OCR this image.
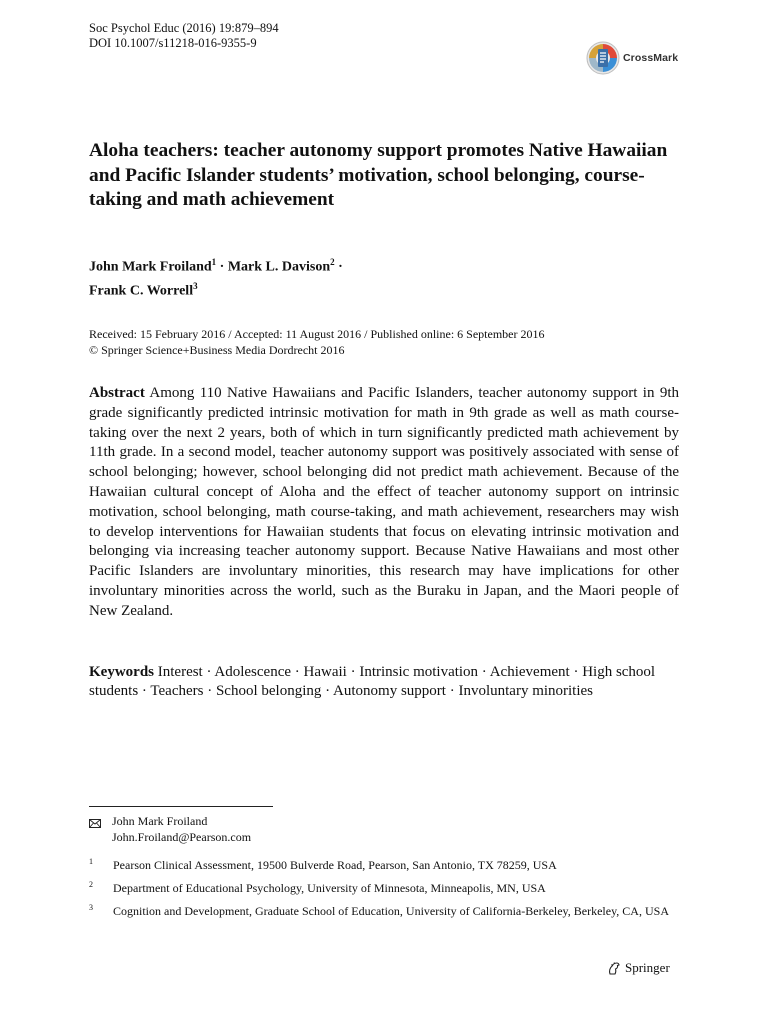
Soc Psychol Educ (2016) 19:879–894
DOI 10.1007/s11218-016-9355-9
CrossMark
Aloha teachers: teacher autonomy support promotes Native Hawaiian and Pacific Islander students’ motivation, school belonging, course-taking and math achievement
John Mark Froiland$^1$ · Mark L. Davison$^2$ ·
Frank C. Worrell$^3$
Received: 15 February 2016 / Accepted: 11 August 2016 / Published online: 6 September 2016
© Springer Science+Business Media Dordrecht 2016

Abstract Among 110 Native Hawaiians and Pacific Islanders, teacher autonomy support in 9th grade significantly predicted intrinsic motivation for math in 9th grade as well as math course-taking over the next 2 years, both of which in turn significantly predicted math achievement by 11th grade. In a second model, teacher autonomy support was positively associated with sense of school belonging; however, school belonging did not predict math achievement. Because of the Hawaiian cultural concept of Aloha and the effect of teacher autonomy support on intrinsic motivation, school belonging, math course-taking, and math achievement, researchers may wish to develop interventions for Hawaiian students that focus on elevating intrinsic motivation and belonging via increasing teacher autonomy support. Because Native Hawaiians and most other Pacific Islanders are involuntary minorities, this research may have implications for other involuntary minorities across the world, such as the Buraku in Japan, and the Maori people of New Zealand.

Keywords Interest · Adolescence · Hawaii · Intrinsic motivation · Achievement · High school students · Teachers · School belonging · Autonomy support · Involuntary minorities

John Mark Froiland
John.Froiland@Pearson.com
1 Pearson Clinical Assessment, 19500 Bulverde Road, Pearson, San Antonio, TX 78259, USA
2 Department of Educational Psychology, University of Minnesota, Minneapolis, MN, USA
3 Cognition and Development, Graduate School of Education, University of California-Berkeley, Berkeley, CA, USA
Springer
